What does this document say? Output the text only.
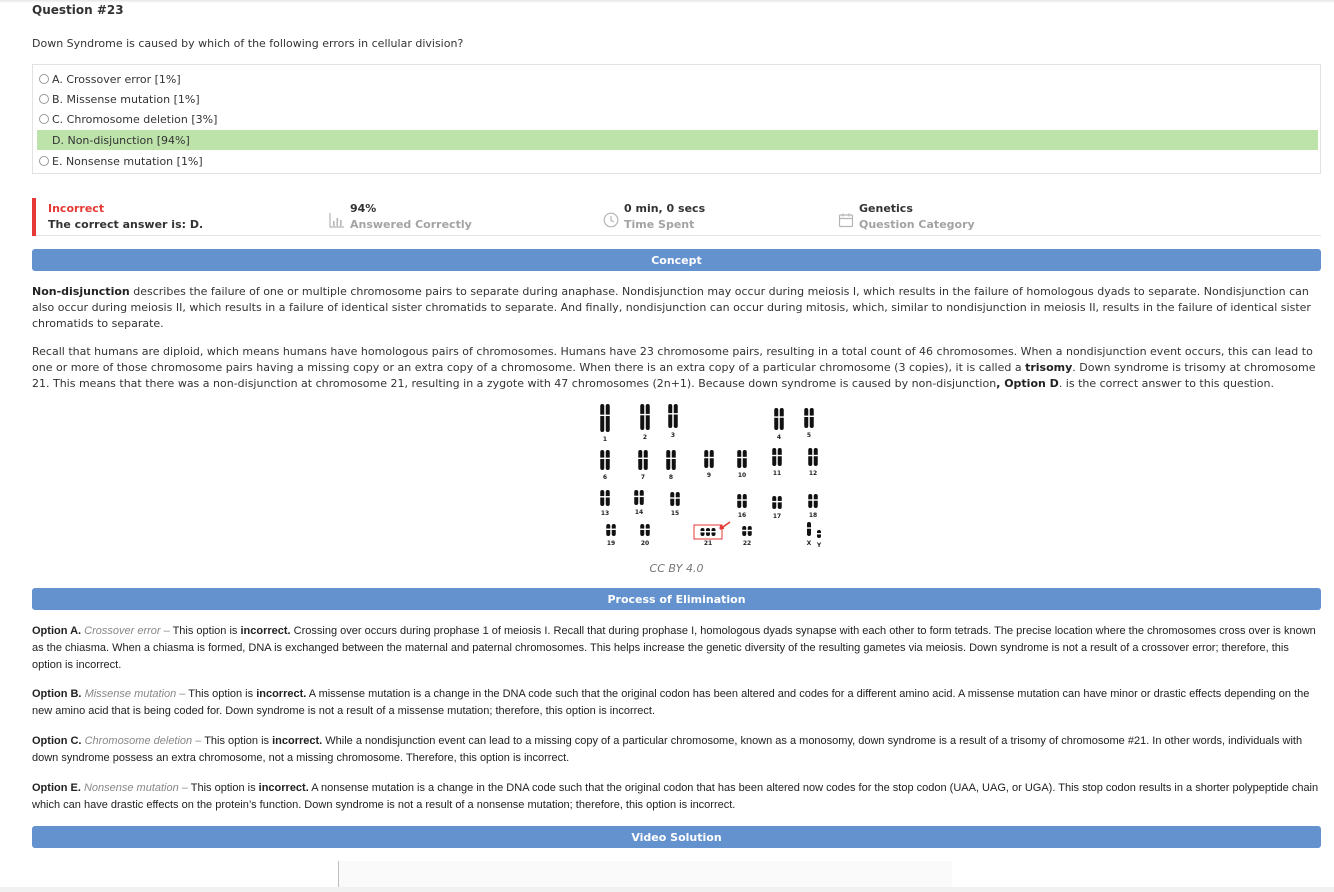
Question #23
Down Syndrome is caused by which of the following errors in cellular division?
A. Crossover error [1%]
B. Missense mutation [1%]
C. Chromosome deletion [3%]
D. Non-disjunction [94%]
E. Nonsense mutation [1%]
Incorrect
The correct answer is: D.
94%
Answered Correctly
0 min, 0 secs
Time Spent
Genetics
Question Category
Concept
Non-disjunction describes the failure of one or multiple chromosome pairs to separate during anaphase. Nondisjunction may occur during meiosis I, which results in the failure of homologous dyads to separate. Nondisjunction can also occur during meiosis II, which results in a failure of identical sister chromatids to separate. And finally, nondisjunction can occur during mitosis, which, similar to nondisjunction in meiosis II, results in the failure of identical sister chromatids to separate.
Recall that humans are diploid, which means humans have homologous pairs of chromosomes. Humans have 23 chromosome pairs, resulting in a total count of 46 chromosomes. When a nondisjunction event occurs, this can lead to one or more of those chromosome pairs having a missing copy or an extra copy of a chromosome. When there is an extra copy of a particular chromosome (3 copies), it is called a trisomy. Down syndrome is trisomy at chromosome 21. This means that there was a non-disjunction at chromosome 21, resulting in a zygote with 47 chromosomes (2n+1). Because down syndrome is caused by non-disjunction, Option D. is the correct answer to this question.
1	2	3	4	5
6	7	8	9	10	11	12
13	14	15	16	17	18
19	20	21	22	X Y
CC BY 4.0
Process of Elimination
Option A. Crossover error – This option is incorrect. Crossing over occurs during prophase 1 of meiosis I. Recall that during prophase I, homologous dyads synapse with each other to form tetrads. The precise location where the chromosomes cross over is known as the chiasma. When a chiasma is formed, DNA is exchanged between the maternal and paternal chromosomes. This helps increase the genetic diversity of the resulting gametes via meiosis. Down syndrome is not a result of a crossover error; therefore, this option is incorrect.
Option B. Missense mutation – This option is incorrect. A missense mutation is a change in the DNA code such that the original codon has been altered and codes for a different amino acid. A missense mutation can have minor or drastic effects depending on the new amino acid that is being coded for. Down syndrome is not a result of a missense mutation; therefore, this option is incorrect.
Option C. Chromosome deletion – This option is incorrect. While a nondisjunction event can lead to a missing copy of a particular chromosome, known as a monosomy, down syndrome is a result of a trisomy of chromosome #21. In other words, individuals with down syndrome possess an extra chromosome, not a missing chromosome. Therefore, this option is incorrect.
Option E. Nonsense mutation – This option is incorrect. A nonsense mutation is a change in the DNA code such that the original codon that has been altered now codes for the stop codon (UAA, UAG, or UGA). This stop codon results in a shorter polypeptide chain which can have drastic effects on the protein’s function. Down syndrome is not a result of a nonsense mutation; therefore, this option is incorrect.
Video Solution
